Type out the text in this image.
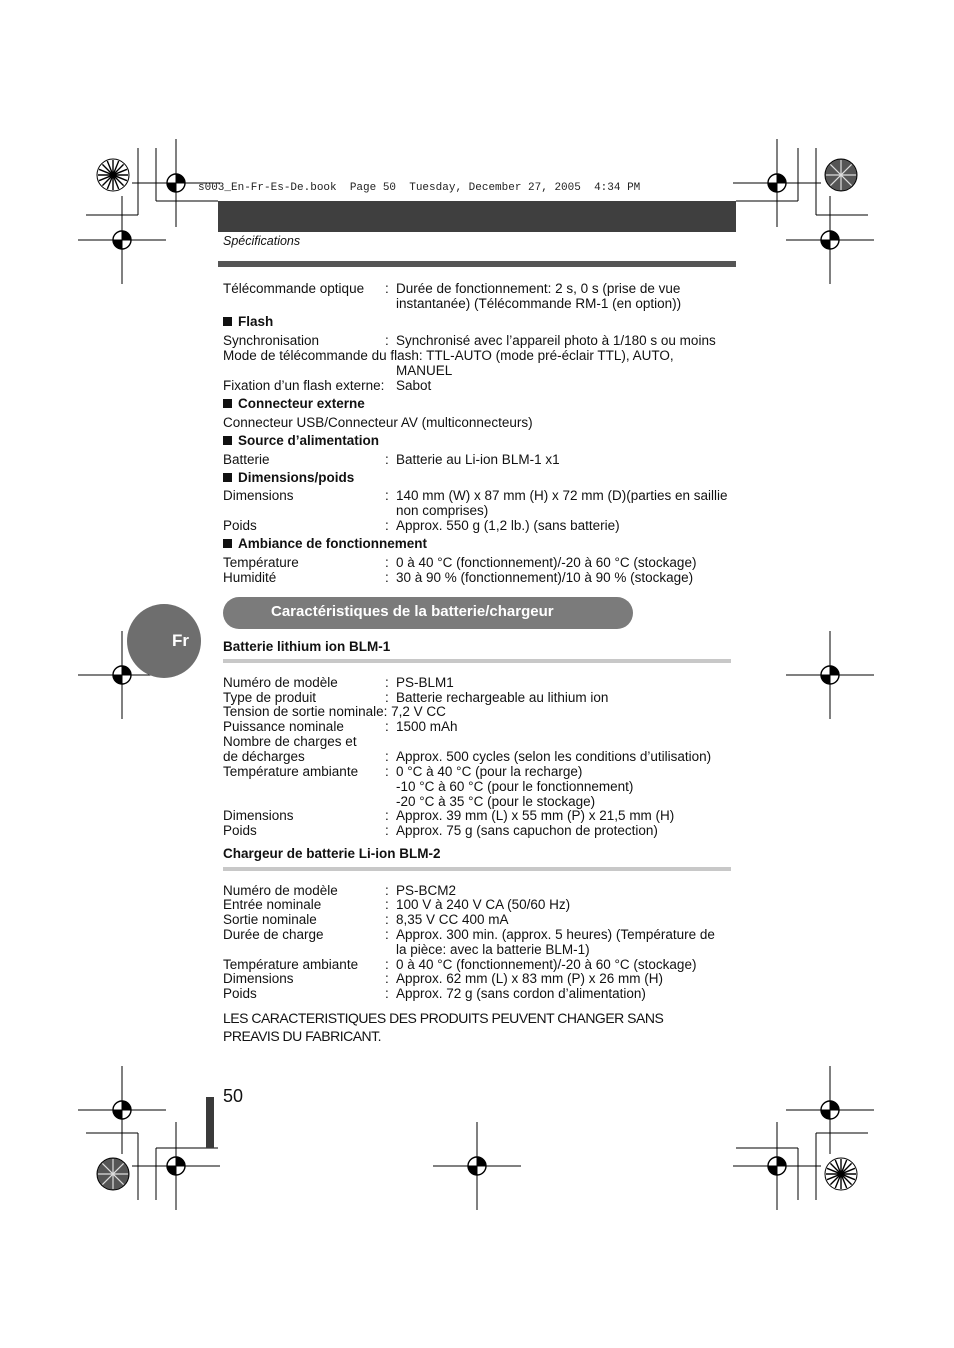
s003_En-Fr-Es-De.book  Page 50  Tuesday, December 27, 2005  4:34 PM
Spécifications
Télécommande optique : Durée de fonctionnement: 2 s, 0 s (prise de vue
instantanée) (Télécommande RM-1 (en option))
Flash
Synchronisation	: Synchronisé avec l’appareil photo à 1/180 s ou moins
Mode de télécommande du flash: TTL-AUTO (mode pré-éclair TTL), AUTO,
MANUEL
Fixation d’un flash externe: Sabot
Connecteur externe
Connecteur USB/Connecteur AV (multiconnecteurs)
Source d’alimentation
Batterie	: Batterie au Li-ion BLM-1 x1
Dimensions/poids
Dimensions	: 140 mm (W) x 87 mm (H) x 72 mm (D)(parties en saillie
non comprises)
Poids	: Approx. 550 g (1,2 lb.) (sans batterie)
Ambiance de fonctionnement
Température	: 0 à 40 °C (fonctionnement)/-20 à 60 °C (stockage)
Humidité	: 30 à 90 % (fonctionnement)/10 à 90 % (stockage)
Caractéristiques de la batterie/chargeur
Fr	Batterie lithium ion BLM-1
Numéro de modèle	: PS-BLM1
Type de produit	: Batterie rechargeable au lithium ion
Tension de sortie nominale: 7,2 V CC
Puissance nominale	: 1500 mAh
Nombre de charges et
de décharges	: Approx. 500 cycles (selon les conditions d’utilisation)
Température ambiante : 0 °C à 40 °C (pour la recharge)
-10 °C à 60 °C (pour le fonctionnement)
-20 °C à 35 °C (pour le stockage)
Dimensions	: Approx. 39 mm (L) x 55 mm (P) x 21,5 mm (H)
Poids	: Approx. 75 g (sans capuchon de protection)
Chargeur de batterie Li-ion BLM-2
Numéro de modèle	: PS-BCM2
Entrée nominale	: 100 V à 240 V CA (50/60 Hz)
Sortie nominale	: 8,35 V CC 400 mA
Durée de charge	: Approx. 300 min. (approx. 5 heures) (Température de
la pièce: avec la batterie BLM-1)
Température ambiante : 0 à 40 °C (fonctionnement)/-20 à 60 °C (stockage)
Dimensions	: Approx. 62 mm (L) x 83 mm (P) x 26 mm (H)
Poids	: Approx. 72 g (sans cordon d’alimentation)
LES CARACTERISTIQUES DES PRODUITS PEUVENT CHANGER SANS
PREAVIS DU FABRICANT.
50
